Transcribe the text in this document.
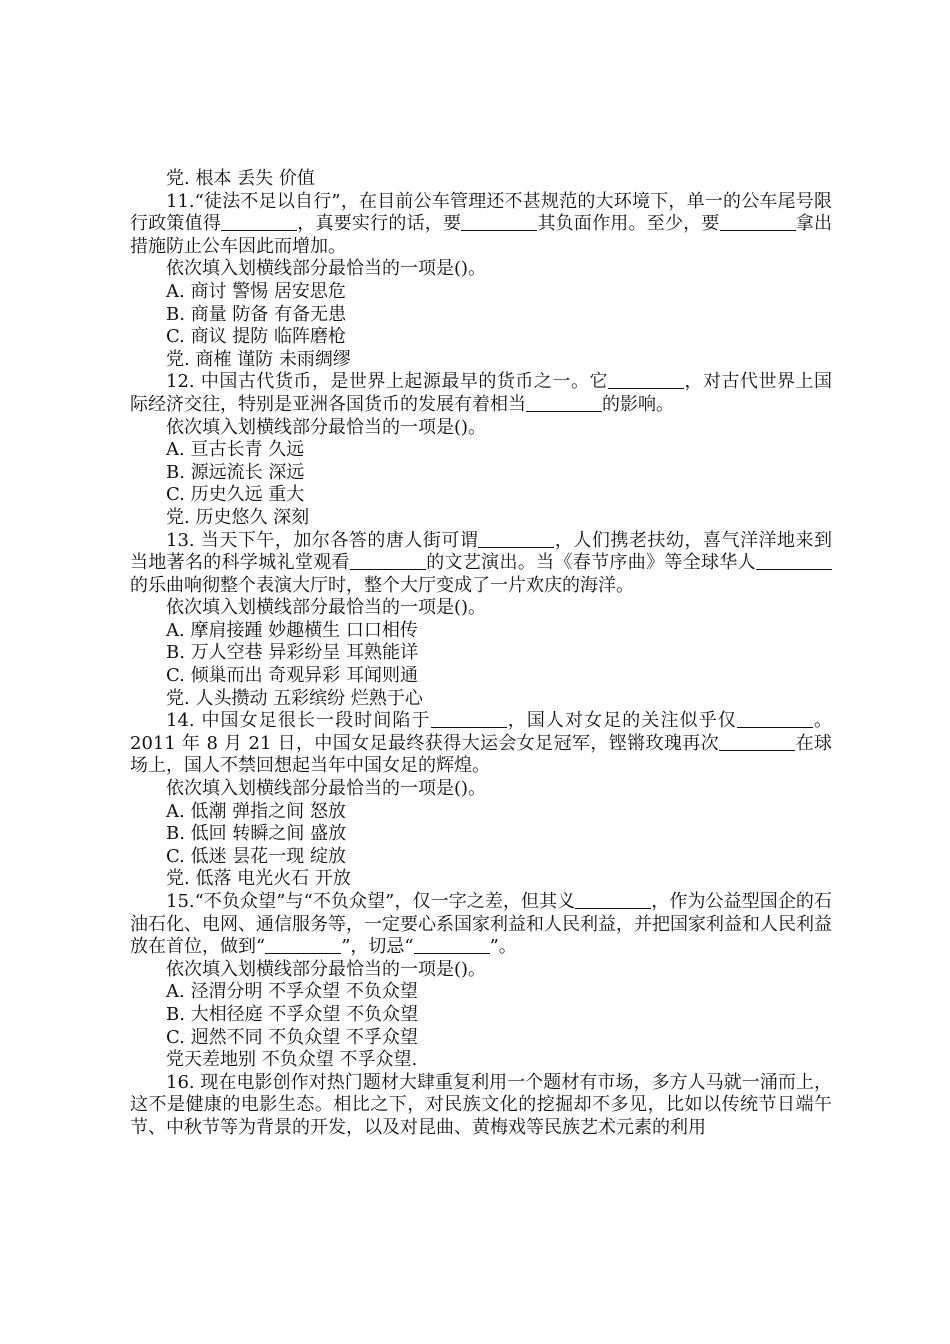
党. 根本 丢失 价值

11.“徒法不足以自行”，在目前公车管理还不甚规范的大环境下，单一的公车尾号限行政策值得	，真要实行的话，要	其负面作用。至少，要	拿出措施防止公车因此而增加。

依次填入划横线部分最恰当的一项是()。

A. 商讨 警惕 居安思危

B. 商量 防备 有备无患

C. 商议 提防 临阵磨枪

党. 商榷 谨防 未雨绸缪

12. 中国古代货币，是世界上起源最早的货币之一。它	，对古代世界上国际经济交往，特别是亚洲各国货币的发展有着相当	的影响。

依次填入划横线部分最恰当的一项是()。

A. 亘古长青 久远

B. 源远流长 深远

C. 历史久远 重大

党. 历史悠久 深刻

13. 当天下午，加尔各答的唐人街可谓	，人们携老扶幼，喜气洋洋地来到当地著名的科学城礼堂观看	的文艺演出。当《春节序曲》等全球华人的乐曲响彻整个表演大厅时，整个大厅变成了一片欢庆的海洋。

依次填入划横线部分最恰当的一项是()。

A. 摩肩接踵 妙趣横生 口口相传

B. 万人空巷 异彩纷呈 耳熟能详

C. 倾巢而出 奇观异彩 耳闻则通

党. 人头攒动 五彩缤纷 烂熟于心

14. 中国女足很长一段时间陷于	，国人对女足的关注似乎仅	。2011 年 8 月 21 日，中国女足最终获得大运会女足冠军，铿锵玫瑰再次	在球场上，国人不禁回想起当年中国女足的辉煌。

依次填入划横线部分最恰当的一项是()。

A. 低潮 弹指之间 怒放

B. 低回 转瞬之间 盛放

C. 低迷 昙花一现 绽放

党. 低落 电光火石 开放

15.“不负众望”与“不负众望”，仅一字之差，但其义	，作为公益型国企的石油石化、电网、通信服务等，一定要心系国家利益和人民利益，并把国家利益和人民利益放在首位，做到“	”，切忌“	”。

依次填入划横线部分最恰当的一项是()。

A. 泾渭分明 不孚众望 不负众望

B. 大相径庭 不孚众望 不负众望

C. 迥然不同 不负众望 不孚众望

党天差地别 不负众望 不孚众望.

16. 现在电影创作对热门题材大肆重复利用一个题材有市场，多方人马就一涌而上，这不是健康的电影生态。相比之下，对民族文化的挖掘却不多见，比如以传统节日端午节、中秋节等为背景的开发，以及对昆曲、黄梅戏等民族艺术元素的利用
